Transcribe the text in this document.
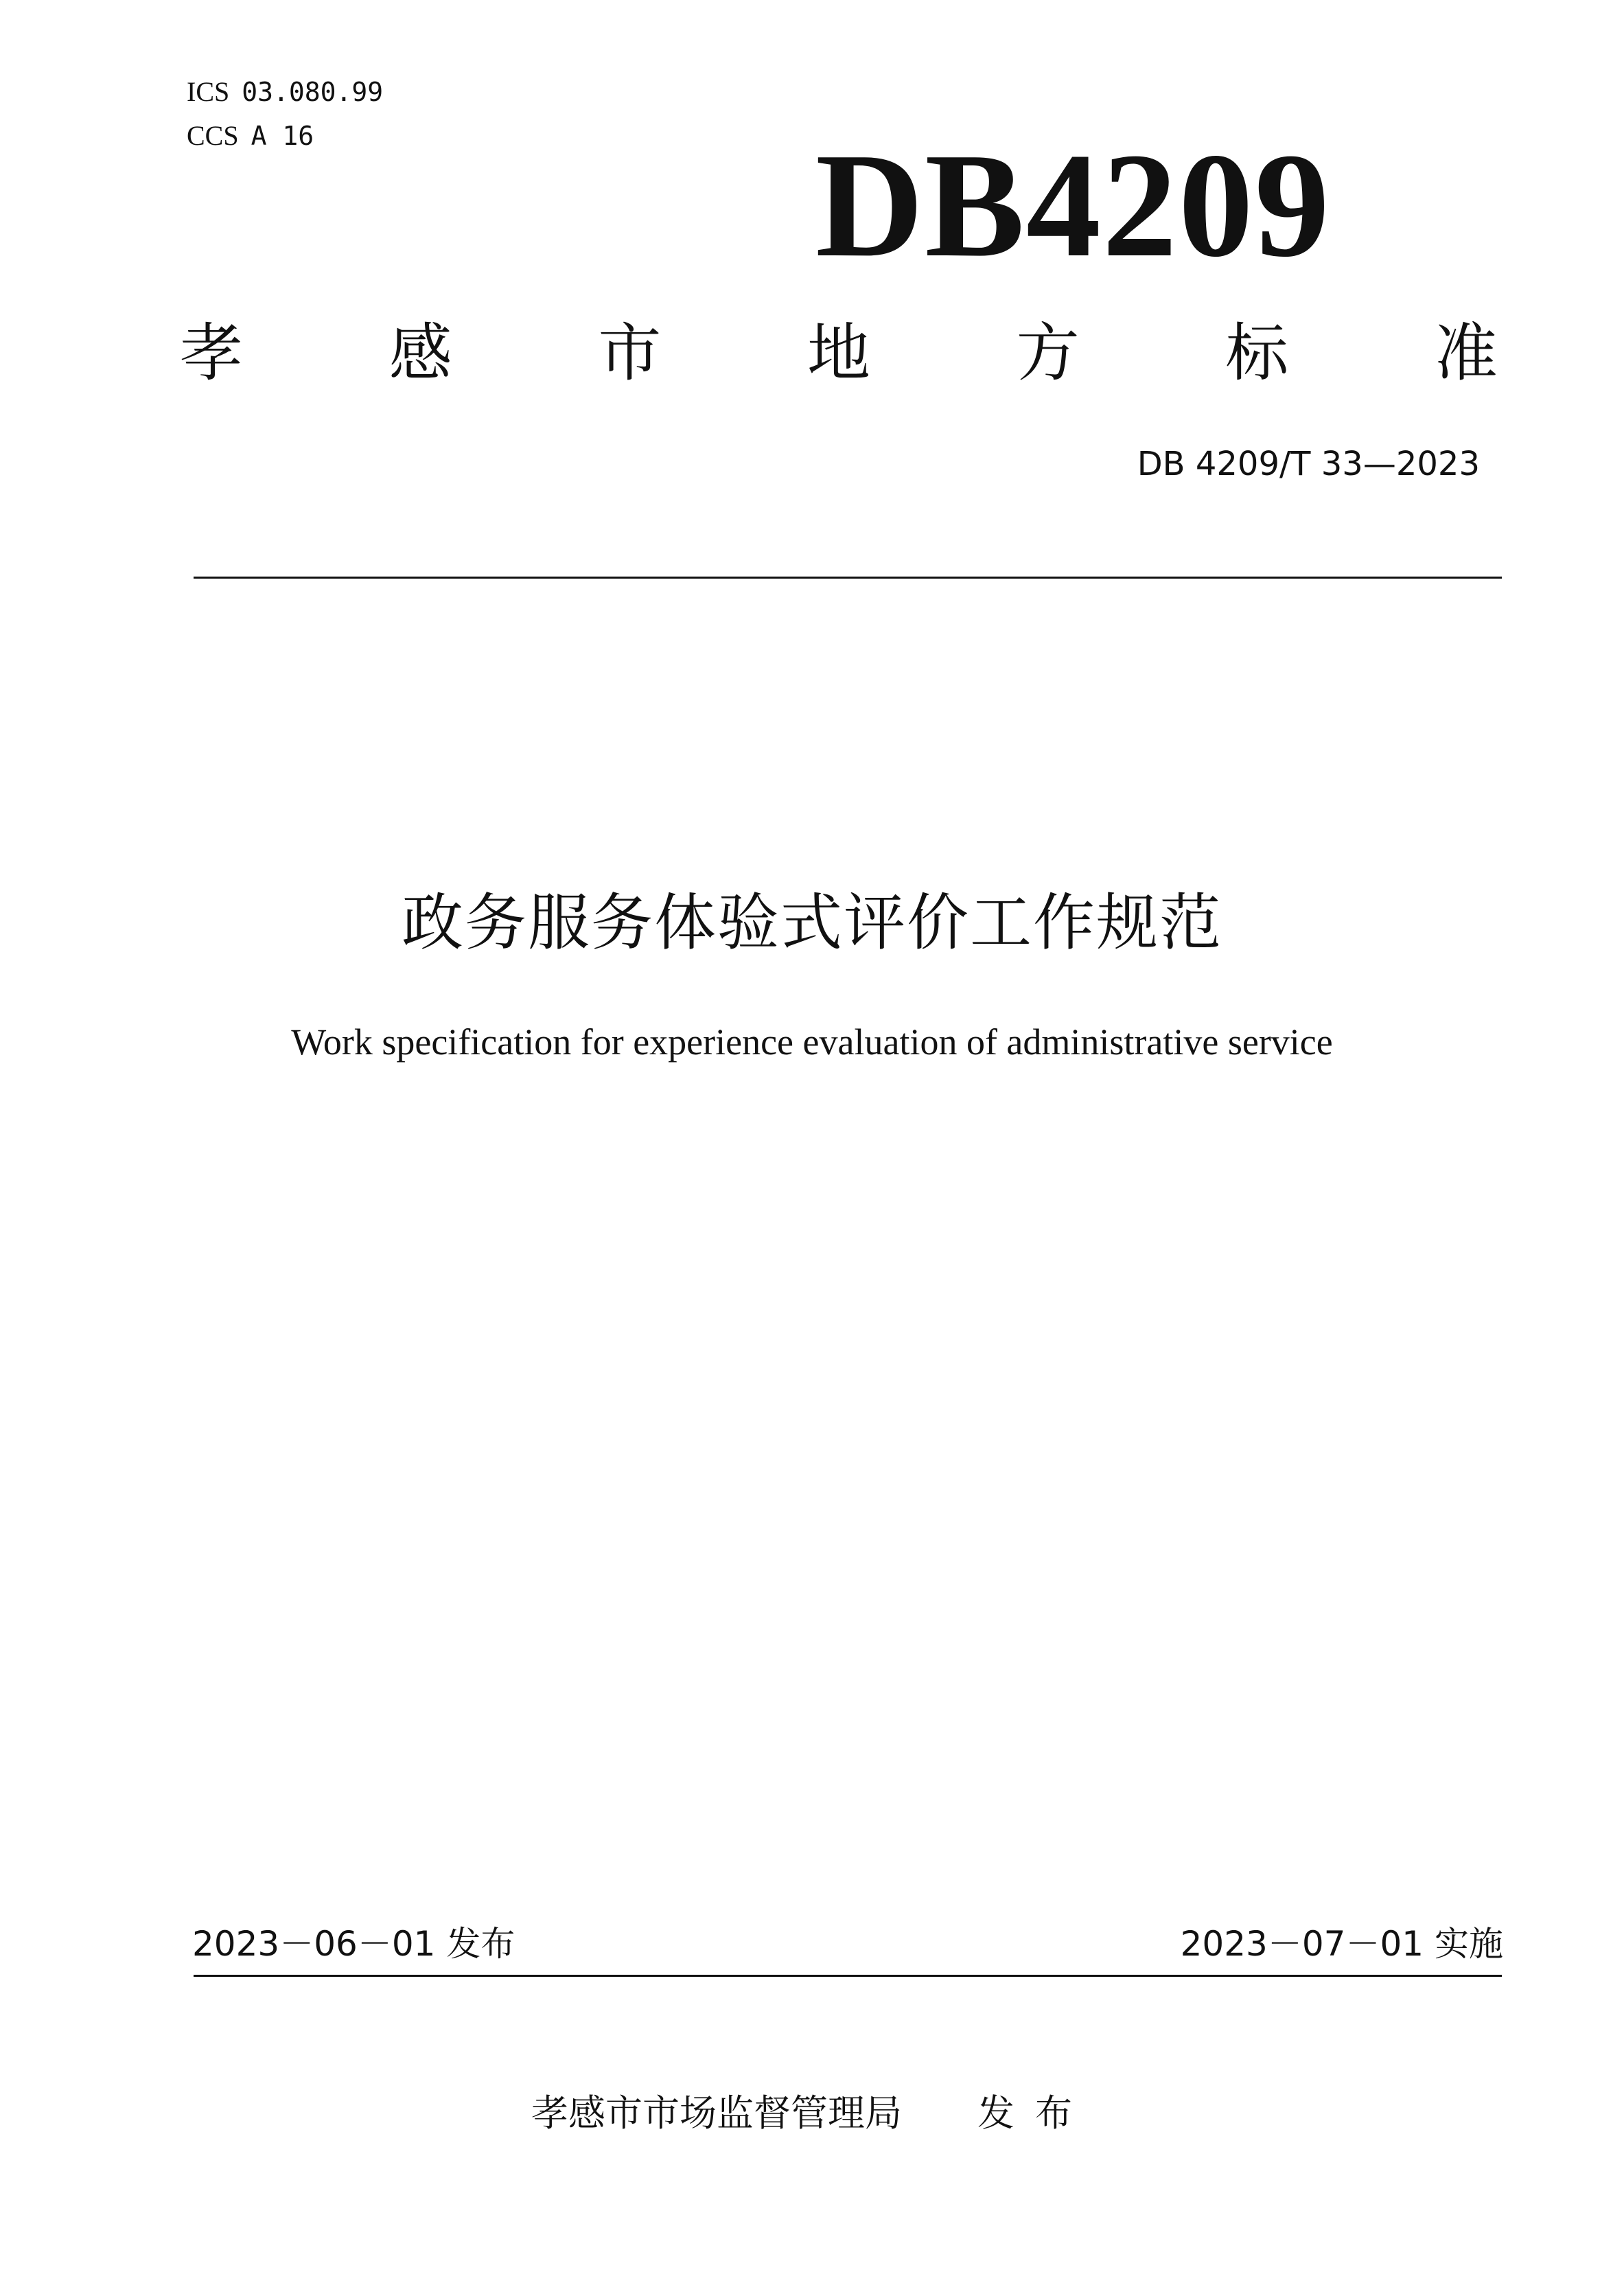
ICS 03.080.99
CCS A 16	DB4209
孝 感 市 地 方 标 准
DB 4209/T 33—2023
政务服务体验式评价工作规范
Work specification for experience evaluation of administrative service
2023－06－01 发布	2023－07－01 实施
孝感市市场监督管理局 发布
